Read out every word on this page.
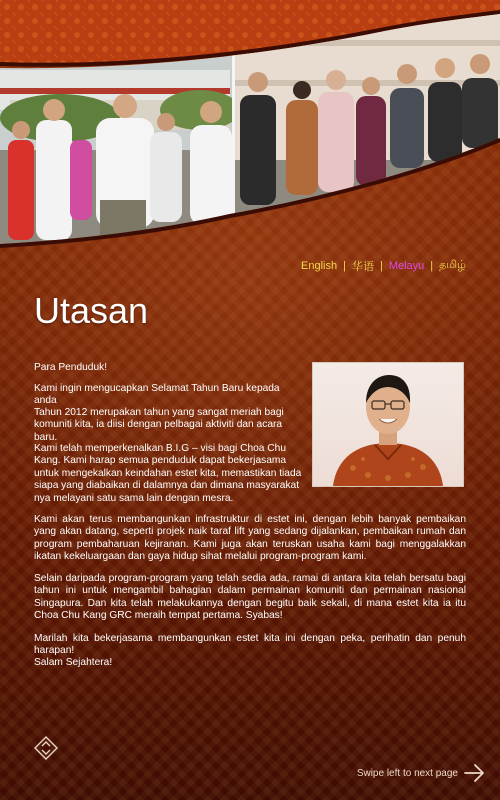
English | 华语 | Melayu | தமிழ்
Utasan
Para Penduduk!
Kami ingin mengucapkan Selamat Tahun Baru kepada anda
Tahun 2012 merupakan tahun yang sangat meriah bagi komuniti kita, ia diisi dengan pelbagai aktiviti dan acara baru.
Kami telah memperkenalkan B.I.G – visi bagi Choa Chu Kang. Kami harap semua penduduk dapat bekerjasama untuk mengekalkan keindahan estet kita, memastikan tiada siapa yang diabaikan di dalamnya dan dimana masyarakat nya melayani satu sama lain dengan mesra.
Kami akan terus membangunkan infrastruktur di estet ini, dengan lebih banyak pembaikan yang akan datang, seperti projek naik taraf lift yang sedang dijalankan, pembaikan rumah dan program pembaharuan kejiranan. Kami juga akan teruskan usaha kami bagi menggalakkan ikatan kekeluargaan dan gaya hidup sihat melalui program-program kami.
Selain daripada program-program yang telah sedia ada, ramai di antara kita telah bersatu bagi tahun ini untuk mengambil bahagian dalam permainan komuniti dan permainan nasional Singapura. Dan kita telah melakukannya dengan begitu baik sekali, di mana estet kita ia itu Choa Chu Kang GRC meraih tempat pertama. Syabas!
Marilah kita bekerjasama membangunkan estet kita ini dengan peka, perihatin dan penuh harapan!
Salam Sejahtera!
Swipe left to next page
